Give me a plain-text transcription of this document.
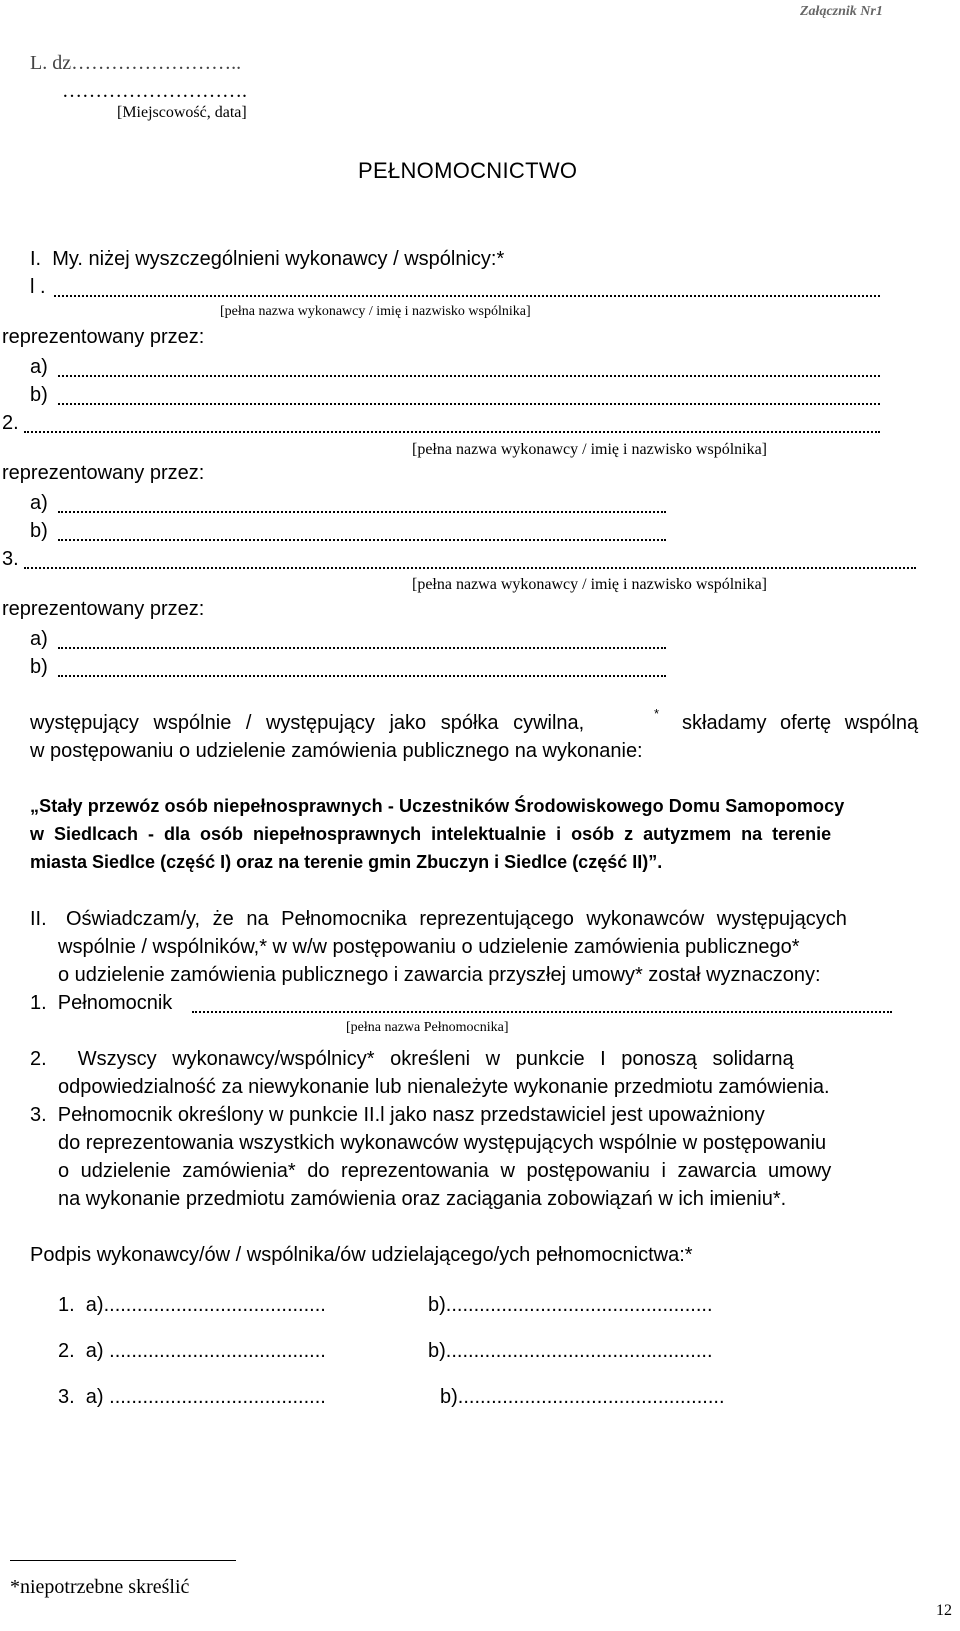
Załącznik Nr1
L. dz……………………..
……………………….
[Miejscowość, data]
PEŁNOMOCNICTWO
I.  My. niżej wyszczególnieni wykonawcy / wspólnicy:*
l .
[pełna nazwa wykonawcy / imię i nazwisko wspólnika]
reprezentowany przez:
a)
b)
2.
[pełna nazwa wykonawcy / imię i nazwisko wspólnika]
reprezentowany przez:
a)
b)
3.
[pełna nazwa wykonawcy / imię i nazwisko wspólnika]
reprezentowany przez:
a)
b)
występujący wspólnie / występujący jako spółka cywilna,	* składamy ofertę wspólną
w postępowaniu o udzielenie zamówienia publicznego na wykonanie:
„Stały przewóz osób niepełnosprawnych - Uczestników Środowiskowego Domu Samopomocy
w Siedlcach - dla osób niepełnosprawnych intelektualnie i osób z autyzmem na terenie
miasta Siedlce (część I) oraz na terenie gmin Zbuczyn i Siedlce (część II)”.
II. Oświadczam/y, że na Pełnomocnika reprezentującego wykonawców występujących
wspólnie / wspólników,* w w/w postępowaniu o udzielenie zamówienia publicznego*
o udzielenie zamówienia publicznego i zawarcia przyszłej umowy* został wyznaczony:
1.  Pełnomocnik
[pełna nazwa Pełnomocnika]
2.  Wszyscy wykonawcy/wspólnicy* określeni w punkcie I ponoszą solidarną
odpowiedzialność za niewykonanie lub nienależyte wykonanie przedmiotu zamówienia.
3.  Pełnomocnik określony w punkcie II.l jako nasz przedstawiciel jest upoważniony
do reprezentowania wszystkich wykonawców występujących wspólnie w postępowaniu
o udzielenie zamówienia* do reprezentowania w postępowaniu i zawarcia umowy
na wykonanie przedmiotu zamówienia oraz zaciągania zobowiązań w ich imieniu*.
Podpis wykonawcy/ów / wspólnika/ów udzielającego/ych pełnomocnictwa:*
1.  a)........................................	b)................................................
2.  a) .......................................	b)................................................
3.  a) .......................................	b)................................................
*niepotrzebne skreślić
12
